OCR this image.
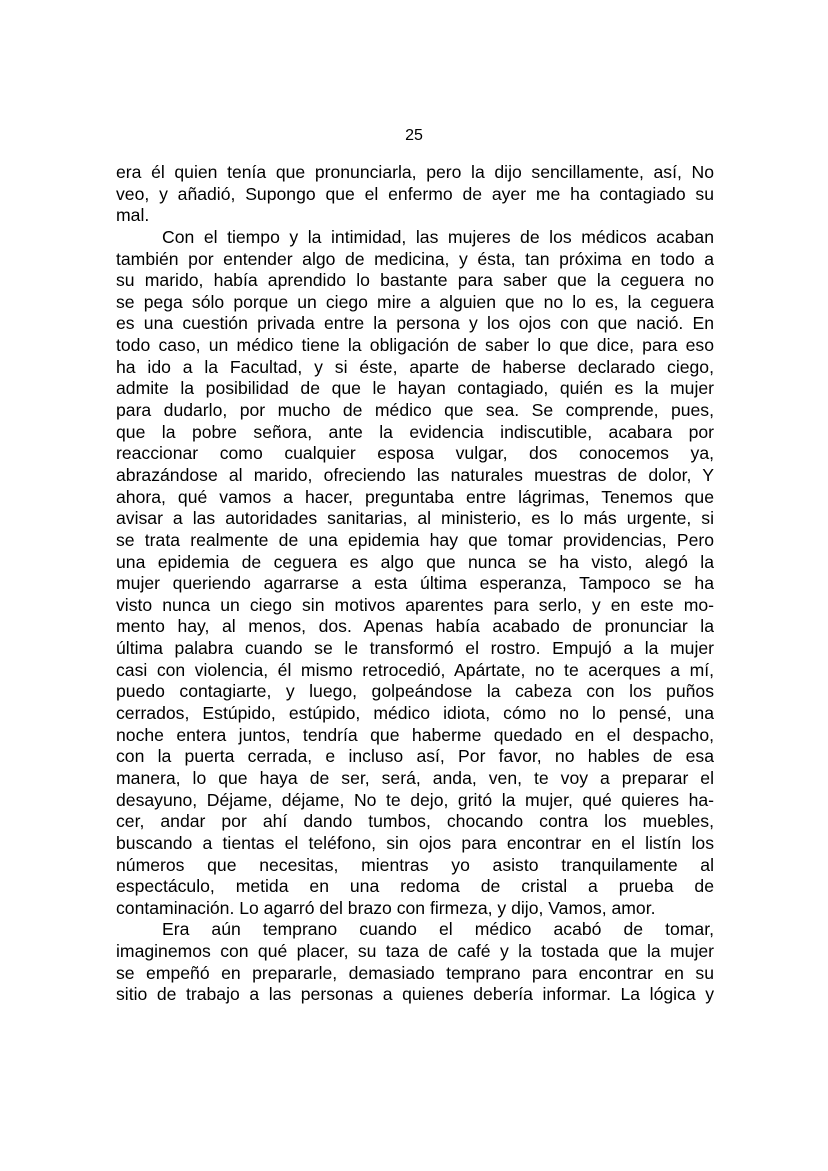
25
era él quien tenía que pronunciarla, pero la dijo sencillamente, así, No
veo, y añadió, Supongo que el enfermo de ayer me ha contagiado su
mal.
Con el tiempo y la intimidad, las mujeres de los médicos acaban
también por entender algo de medicina, y ésta, tan próxima en todo a
su marido, había aprendido lo bastante para saber que la ceguera no
se pega sólo porque un ciego mire a alguien que no lo es, la ceguera
es una cuestión privada entre la persona y los ojos con que nació. En
todo caso, un médico tiene la obligación de saber lo que dice, para eso
ha ido a la Facultad, y si éste, aparte de haberse declarado ciego,
admite la posibilidad de que le hayan contagiado, quién es la mujer
para dudarlo, por mucho de médico que sea. Se comprende, pues,
que la pobre señora, ante la evidencia indiscutible, acabara por
reaccionar como cualquier esposa vulgar, dos conocemos ya,
abrazándose al marido, ofreciendo las naturales muestras de dolor, Y
ahora, qué vamos a hacer, preguntaba entre lágrimas, Tenemos que
avisar a las autoridades sanitarias, al ministerio, es lo más urgente, si
se trata realmente de una epidemia hay que tomar providencias, Pero
una epidemia de ceguera es algo que nunca se ha visto, alegó la
mujer queriendo agarrarse a esta última esperanza, Tampoco se ha
visto nunca un ciego sin motivos aparentes para serlo, y en este mo-
mento hay, al menos, dos. Apenas había acabado de pronunciar la
última palabra cuando se le transformó el rostro. Empujó a la mujer
casi con violencia, él mismo retrocedió, Apártate, no te acerques a mí,
puedo contagiarte, y luego, golpeándose la cabeza con los puños
cerrados, Estúpido, estúpido, médico idiota, cómo no lo pensé, una
noche entera juntos, tendría que haberme quedado en el despacho,
con la puerta cerrada, e incluso así, Por favor, no hables de esa
manera, lo que haya de ser, será, anda, ven, te voy a preparar el
desayuno, Déjame, déjame, No te dejo, gritó la mujer, qué quieres ha-
cer, andar por ahí dando tumbos, chocando contra los muebles,
buscando a tientas el teléfono, sin ojos para encontrar en el listín los
números que necesitas, mientras yo asisto tranquilamente al
espectáculo, metida en una redoma de cristal a prueba de
contaminación. Lo agarró del brazo con firmeza, y dijo, Vamos, amor.
Era aún temprano cuando el médico acabó de tomar,
imaginemos con qué placer, su taza de café y la tostada que la mujer
se empeñó en prepararle, demasiado temprano para encontrar en su
sitio de trabajo a las personas a quienes debería informar. La lógica y
